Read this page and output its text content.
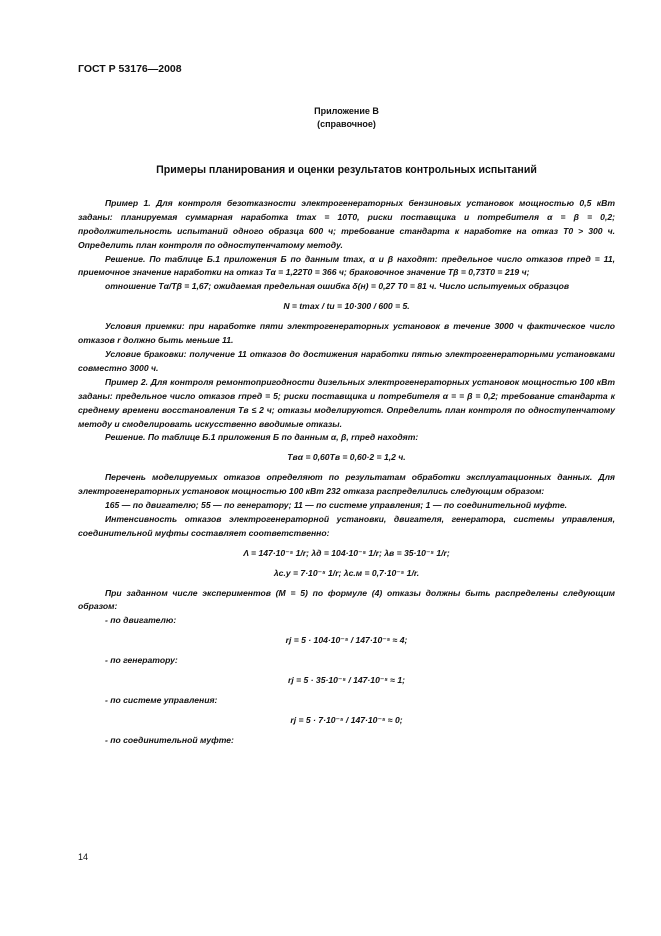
14
ГОСТ Р 53176—2008
Приложение В
(справочное)
Примеры планирования и оценки результатов контрольных испытаний

Пример 1. Для контроля безотказности электрогенераторных бензиновых установок мощностью 0,5 кВт заданы: планируемая суммарная наработка tmax = 10T0, риски поставщика и потребителя α = β = 0,2; продолжительность испытаний одного образца 600 ч; требование стандарта к наработке на отказ T0 > 300 ч. Определить план контроля по одноступенчатому методу.

Решение. По таблице Б.1 приложения Б по данным tmax, α и β находят: предельное число отказов rпред = 11, приемочное значение наработки на отказ Tα = 1,22T0 = 366 ч; браковочное значение Tβ = 0,73T0 = 219 ч;

отношение Tα/Tβ = 1,67; ожидаемая предельная ошибка δ(н) = 0,27 T0 = 81 ч. Число испытуемых образцов

N = tmax / tи = 10·300 / 600 = 5.

Условия приемки: при наработке пяти электрогенераторных установок в течение 3000 ч фактическое число отказов r должно быть меньше 11.

Условие браковки: получение 11 отказов до достижения наработки пятью электрогенераторными установками совместно 3000 ч.

Пример 2. Для контроля ремонтопригодности дизельных электрогенераторных установок мощностью 100 кВт заданы: предельное число отказов rпред = 5; риски поставщика и потребителя α = = β = 0,2; требование стандарта к среднему времени восстановления Tв ≤ 2 ч; отказы моделируются. Определить план контроля по одноступенчатому методу и смоделировать искусственно вводимые отказы.

Решение. По таблице Б.1 приложения Б по данным α, β, rпред находят:

Tвα = 0,60Tв = 0,60·2 = 1,2 ч.

Перечень моделируемых отказов определяют по результатам обработки эксплуатационных данных. Для электрогенераторных установок мощностью 100 кВт 232 отказа распределились следующим образом:

165 — по двигателю; 55 — по генератору; 11 — по системе управления; 1 — по соединительной муфте.

Интенсивность отказов электрогенераторной установки, двигателя, генератора, системы управления, соединительной муфты составляет соответственно:

Λ = 147·10⁻⁵ 1/r; λд = 104·10⁻⁵ 1/r; λв = 35·10⁻⁵ 1/r;
λс.у = 7·10⁻⁵ 1/r; λс.м = 0,7·10⁻⁵ 1/r.

При заданном числе экспериментов (М = 5) по формуле (4) отказы должны быть распределены следующим образом:

- по двигателю:

rj = 5 · 104·10⁻⁵ / 147·10⁻⁵ ≈ 4;

- по генератору:

rj = 5 · 35·10⁻⁵ / 147·10⁻⁵ ≈ 1;

- по системе управления:

rj = 5 · 7·10⁻⁵ / 147·10⁻⁵ ≈ 0;

- по соединительной муфте:
